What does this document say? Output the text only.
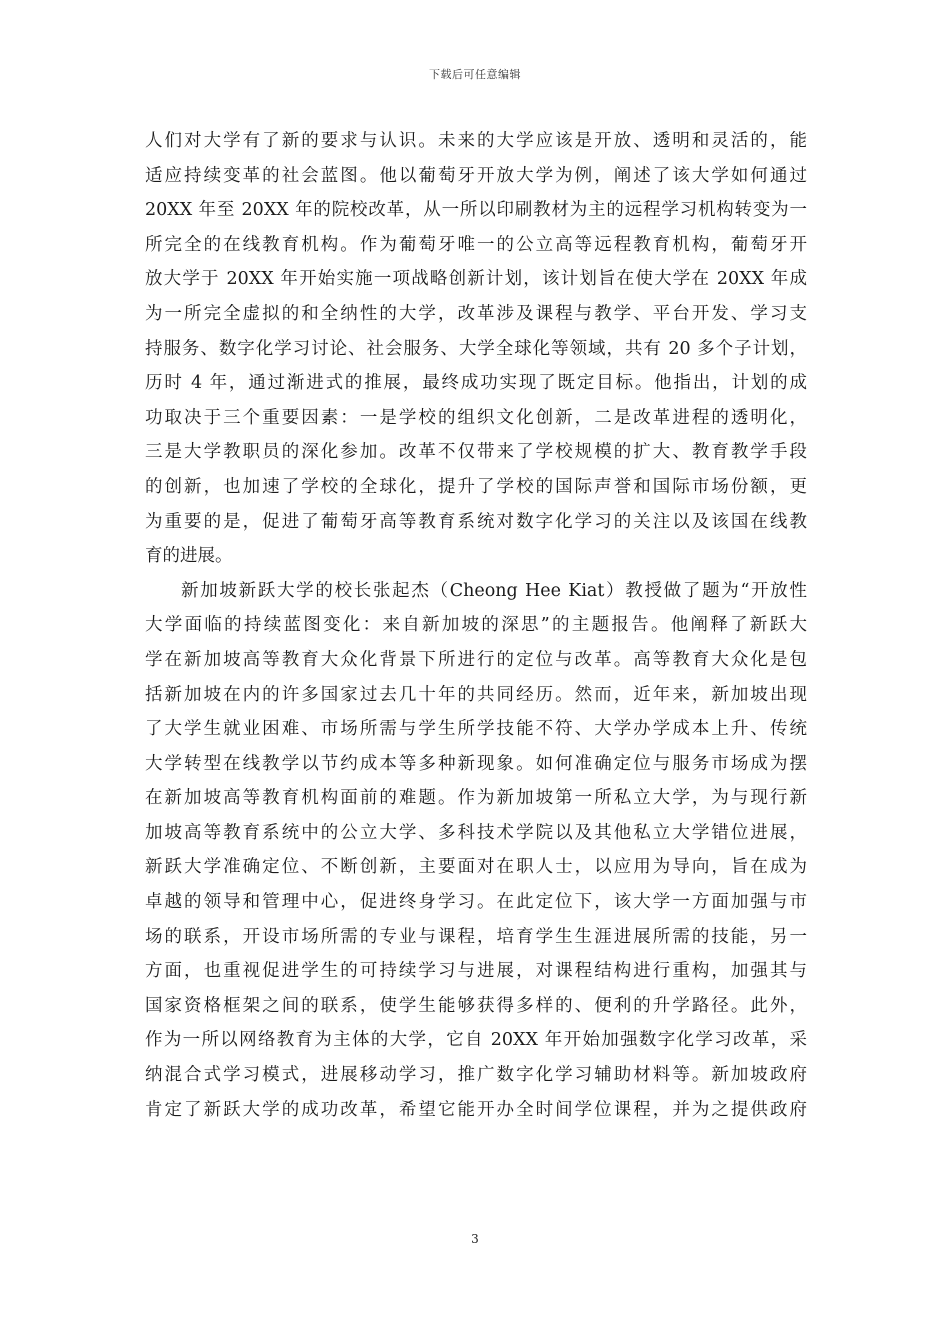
下载后可任意编辑
人们对大学有了新的要求与认识。未来的大学应该是开放、透明和灵活的，能
适应持续变革的社会蓝图。他以葡萄牙开放大学为例，阐述了该大学如何通过
20XX 年至 20XX 年的院校改革，从一所以印刷教材为主的远程学习机构转变为一
所完全的在线教育机构。作为葡萄牙唯一的公立高等远程教育机构，葡萄牙开
放大学于 20XX 年开始实施一项战略创新计划，该计划旨在使大学在 20XX 年成
为一所完全虚拟的和全纳性的大学，改革涉及课程与教学、平台开发、学习支
持服务、数字化学习讨论、社会服务、大学全球化等领域，共有 20 多个子计划，
历时 4 年，通过渐进式的推展，最终成功实现了既定目标。他指出，计划的成
功取决于三个重要因素：一是学校的组织文化创新，二是改革进程的透明化，
三是大学教职员的深化参加。改革不仅带来了学校规模的扩大、教育教学手段
的创新，也加速了学校的全球化，提升了学校的国际声誉和国际市场份额，更
为重要的是，促进了葡萄牙高等教育系统对数字化学习的关注以及该国在线教
育的进展。
新加坡新跃大学的校长张起杰（Cheong Hee Kiat）教授做了题为“开放性
大学面临的持续蓝图变化：来自新加坡的深思”的主题报告。他阐释了新跃大
学在新加坡高等教育大众化背景下所进行的定位与改革。高等教育大众化是包
括新加坡在内的许多国家过去几十年的共同经历。然而，近年来，新加坡出现
了大学生就业困难、市场所需与学生所学技能不符、大学办学成本上升、传统
大学转型在线教学以节约成本等多种新现象。如何准确定位与服务市场成为摆
在新加坡高等教育机构面前的难题。作为新加坡第一所私立大学，为与现行新
加坡高等教育系统中的公立大学、多科技术学院以及其他私立大学错位进展，
新跃大学准确定位、不断创新，主要面对在职人士，以应用为导向，旨在成为
卓越的领导和管理中心，促进终身学习。在此定位下，该大学一方面加强与市
场的联系，开设市场所需的专业与课程，培育学生生涯进展所需的技能，另一
方面，也重视促进学生的可持续学习与进展，对课程结构进行重构，加强其与
国家资格框架之间的联系，使学生能够获得多样的、便利的升学路径。此外，
作为一所以网络教育为主体的大学，它自 20XX 年开始加强数字化学习改革，采
纳混合式学习模式，进展移动学习，推广数字化学习辅助材料等。新加坡政府
肯定了新跃大学的成功改革，希望它能开办全时间学位课程，并为之提供政府
3
